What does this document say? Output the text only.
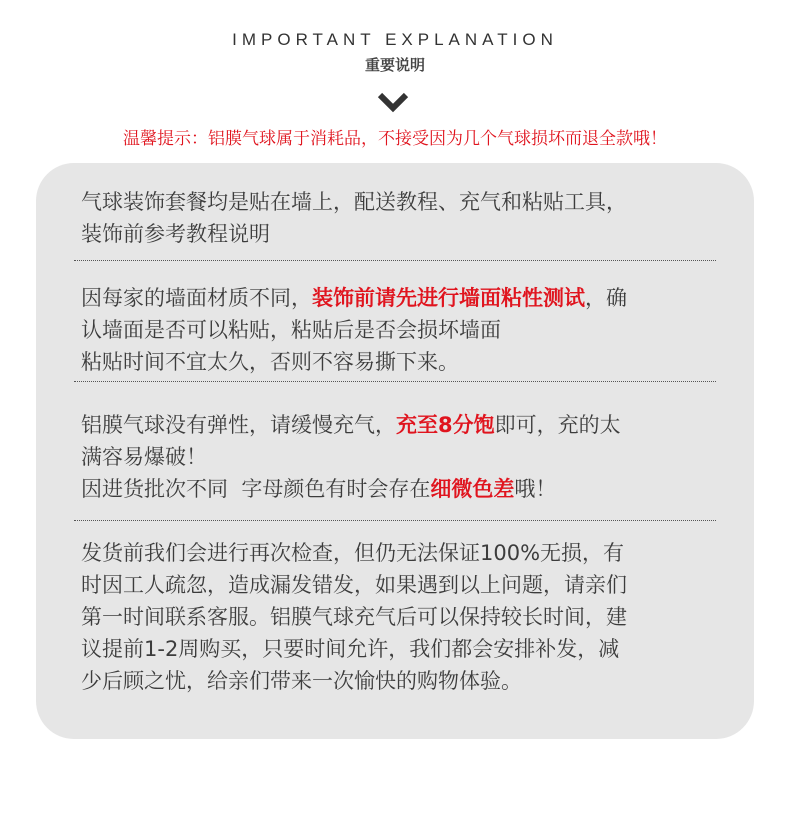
IMPORTANT EXPLANATION
重要说明
温馨提示：铝膜气球属于消耗品，不接受因为几个气球损坏而退全款哦！
气球装饰套餐均是贴在墙上，配送教程、充气和粘贴工具，
装饰前参考教程说明
因每家的墙面材质不同，装饰前请先进行墙面粘性测试，确
认墙面是否可以粘贴，粘贴后是否会损坏墙面
粘贴时间不宜太久，否则不容易撕下来。
铝膜气球没有弹性，请缓慢充气，充至8分饱即可，充的太
满容易爆破！
因进货批次不同  字母颜色有时会存在细微色差哦！
发货前我们会进行再次检查，但仍无法保证100%无损，有
时因工人疏忽，造成漏发错发，如果遇到以上问题，请亲们
第一时间联系客服。铝膜气球充气后可以保持较长时间，建
议提前1-2周购买，只要时间允许，我们都会安排补发，减
少后顾之忧，给亲们带来一次愉快的购物体验。
